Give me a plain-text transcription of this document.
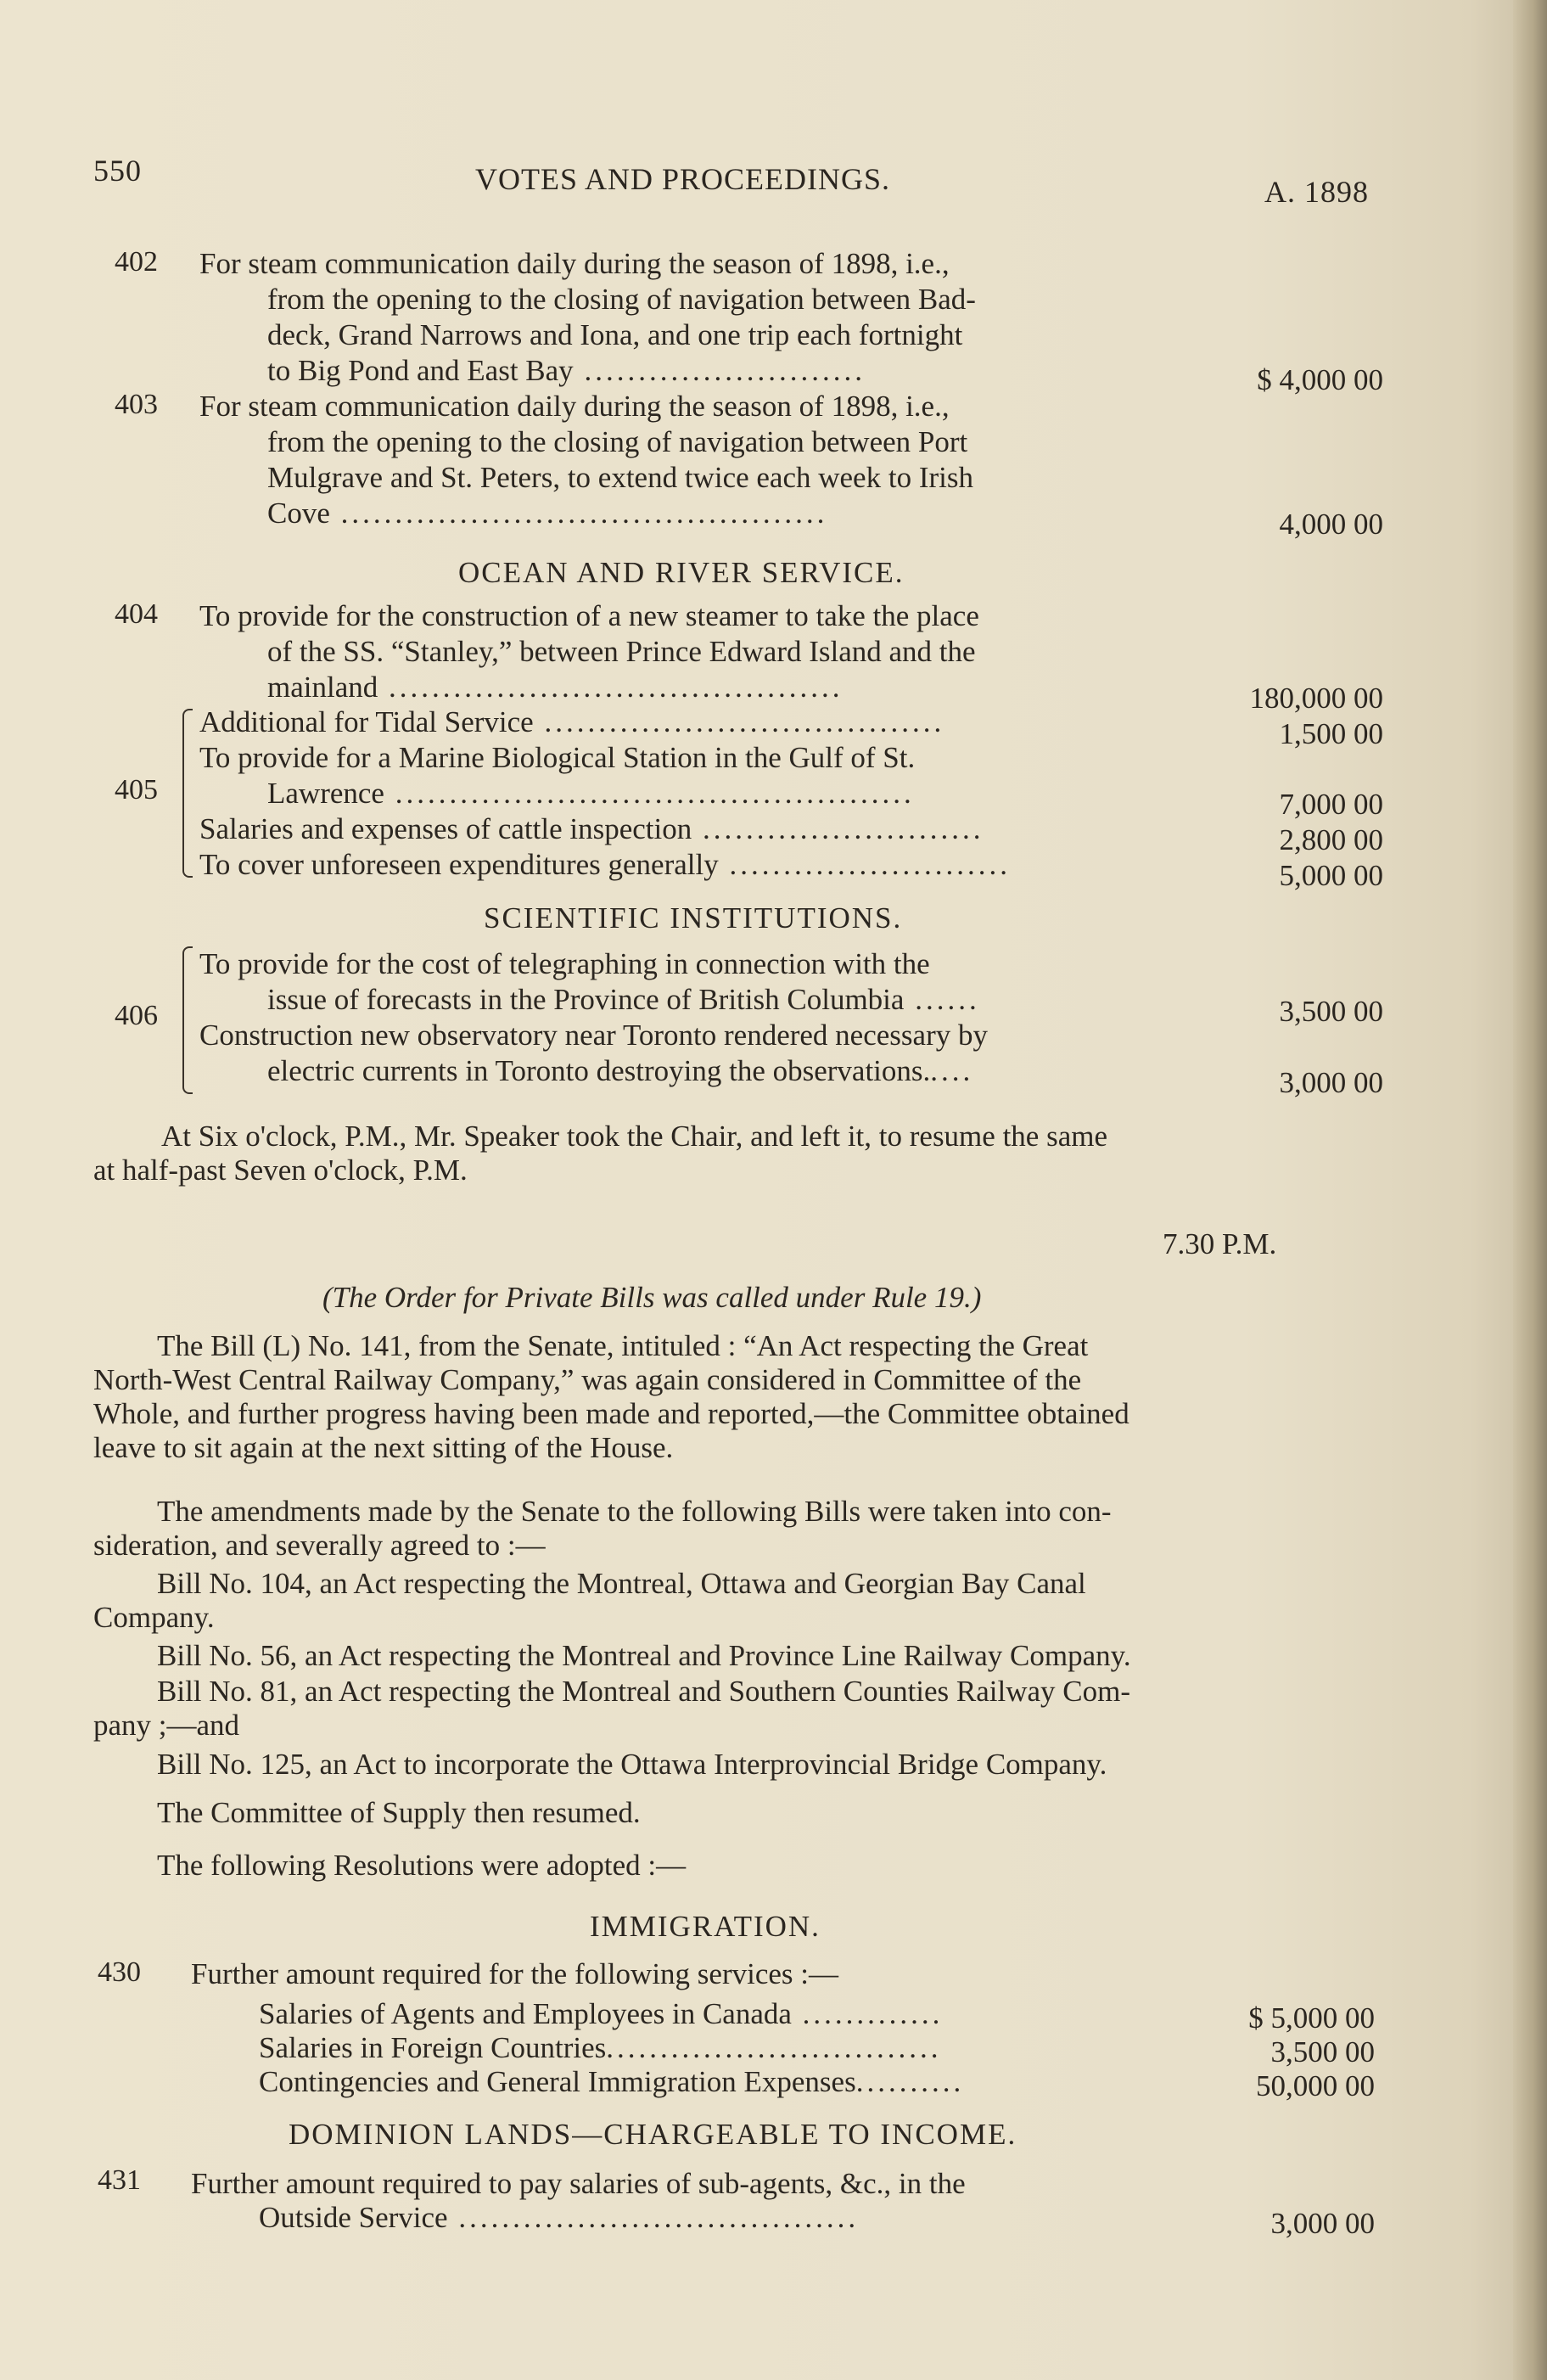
550	VOTES AND PROCEEDINGS.	A. 1898
402 For steam communication daily during the season of 1898, i.e.,
from the opening to the closing of navigation between Bad-
deck, Grand Narrows and Iona, and one trip each fortnight
to Big Pond and East Bay ..........................	$ 4,000 00
403 For steam communication daily during the season of 1898, i.e.,
from the opening to the closing of navigation between Port
Mulgrave and St. Peters, to extend twice each week to Irish
Cove .............................................	4,000 00
OCEAN AND RIVER SERVICE.
404 To provide for the construction of a new steamer to take the place
of the SS. “Stanley,” between Prince Edward Island and the
mainland ..........................................	180,000 00
405
Additional for Tidal Service .....................................	1,500 00
To provide for a Marine Biological Station in the Gulf of St.
Lawrence ................................................	7,000 00
Salaries and expenses of cattle inspection ..........................	2,800 00
To cover unforeseen expenditures generally ..........................	5,000 00
SCIENTIFIC INSTITUTIONS.
406
To provide for the cost of telegraphing in connection with the
issue of forecasts in the Province of British Columbia ......	3,500 00
Construction new observatory near Toronto rendered necessary by
electric currents in Toronto destroying the observations.....	3,000 00
At Six o'clock, P.M., Mr. Speaker took the Chair, and left it, to resume the same
at half-past Seven o'clock, P.M.
7.30 P.M.
(The Order for Private Bills was called under Rule 19.)
The Bill (L) No. 141, from the Senate, intituled : “An Act respecting the Great
North-West Central Railway Company,” was again considered in Committee of the
Whole, and further progress having been made and reported,—the Committee obtained
leave to sit again at the next sitting of the House.
The amendments made by the Senate to the following Bills were taken into con-
sideration, and severally agreed to :—
Bill No. 104, an Act respecting the Montreal, Ottawa and Georgian Bay Canal
Company.
Bill No. 56, an Act respecting the Montreal and Province Line Railway Company.
Bill No. 81, an Act respecting the Montreal and Southern Counties Railway Com-
pany ;—and
Bill No. 125, an Act to incorporate the Ottawa Interprovincial Bridge Company.
The Committee of Supply then resumed.
The following Resolutions were adopted :—
IMMIGRATION.
430 Further amount required for the following services :—
Salaries of Agents and Employees in Canada .............	$ 5,000 00
Salaries in Foreign Countries...............................	3,500 00
Contingencies and General Immigration Expenses..........	50,000 00
DOMINION LANDS—CHARGEABLE TO INCOME.
431 Further amount required to pay salaries of sub-agents, &c., in the
Outside Service .....................................	3,000 00
